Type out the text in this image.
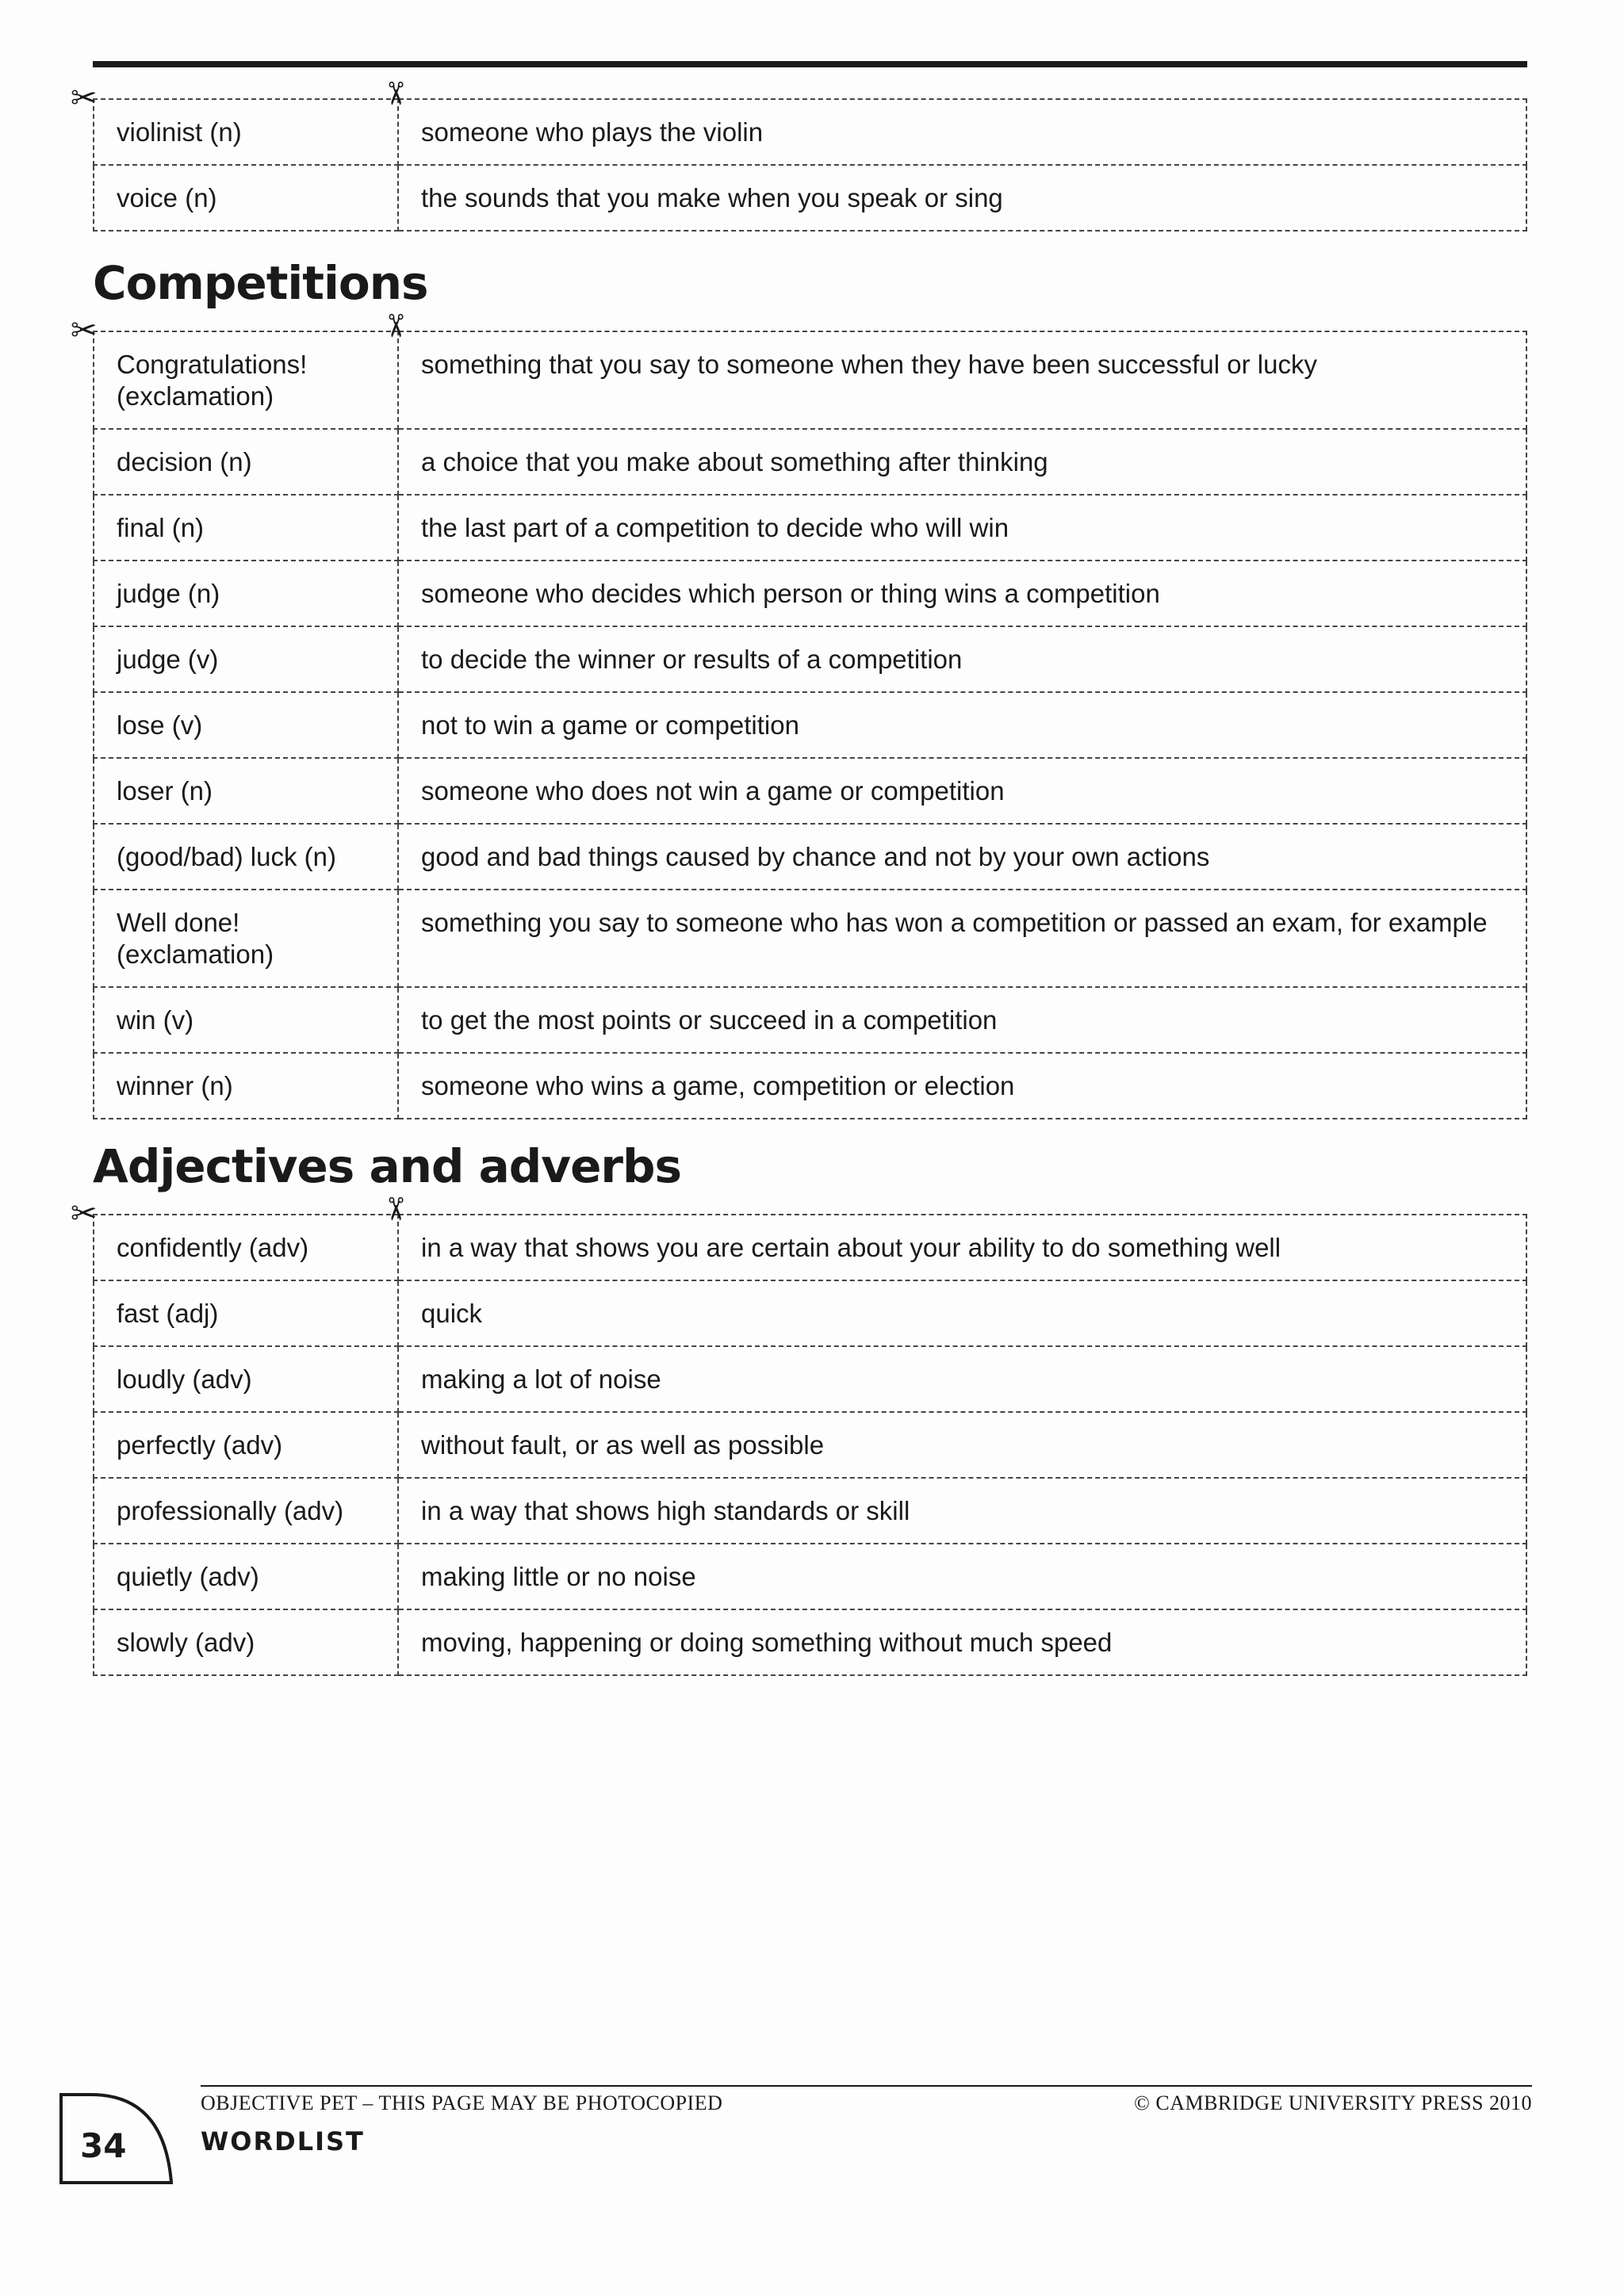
✂	✂
violinist (n)	someone who plays the violin
voice (n)	the sounds that you make when you speak or sing
Competitions
✂	✂
Congratulations!
(exclamation)	something that you say to someone when they have been successful or lucky
decision (n)	a choice that you make about something after thinking
final (n)	the last part of a competition to decide who will win
judge (n)	someone who decides which person or thing wins a competition
judge (v)	to decide the winner or results of a competition
lose (v)	not to win a game or competition
loser (n)	someone who does not win a game or competition
(good/bad) luck (n)	good and bad things caused by chance and not by your own actions
Well done!
(exclamation)	something you say to someone who has won a competition or passed an exam, for example
win (v)	to get the most points or succeed in a competition
winner (n)	someone who wins a game, competition or election
Adjectives and adverbs
✂	✂
confidently (adv)	in a way that shows you are certain about your ability to do something well
fast (adj)	quick
loudly (adv)	making a lot of noise
perfectly (adv)	without fault, or as well as possible
professionally (adv)	in a way that shows high standards or skill
quietly (adv)	making little or no noise
slowly (adv)	moving, happening or doing something without much speed
OBJECTIVE PET – THIS PAGE MAY BE PHOTOCOPIED	© CAMBRIDGE UNIVERSITY PRESS 2010
WORDLIST
34
